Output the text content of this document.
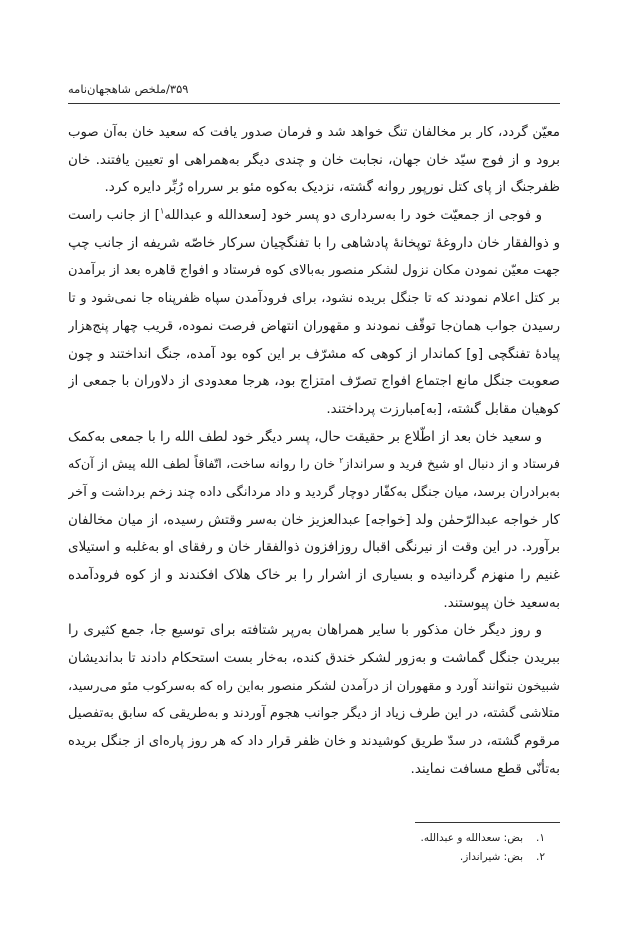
۳۵۹/ملخص شاهجهان‌نامه
معیّن گردد، کار بر مخالفان تنگ خواهد شد و فرمان صدور یافت که سعید خان به‌آن صوب
برود و از فوج سیّد خان جهان، نجابت خان و چندی دیگر به‌همراهی او تعیین یافتند. خان
ظفرجنگ از پای کتل نورپور روانه گشته، نزدیک به‌کوه مئو بر سرراه رُبِّر دایره کرد.
و فوجی از جمعیّت خود را به‌سرداری دو پسر خود [سعدالله و عبدالله$^۱$] از جانب راست
و ذوالفقار خان داروغهٔ توپخانهٔ پادشاهی را با تفنگچیان سرکار خاصّه شریفه از جانب چپ
جهت معیّن نمودن مکان نزول لشکر منصور به‌بالای کوه فرستاد و افواج قاهره بعد از برآمدن
بر کتل اعلام نمودند که تا جنگل بریده نشود، برای فرودآمدن سپاه ظفرپناه جا نمی‌شود و تا
رسیدن جواب همان‌جا توقّف نمودند و مقهوران انتهاض فرصت نموده، قریب چهار پنج‌هزار
پیادهٔ تفنگچی [و] کماندار از کوهی که مشرّف بر این کوه بود آمده، جنگ انداختند و چون
صعوبت جنگل مانع اجتماع افواج تصرّف امتزاج بود، هرجا معدودی از دلاوران با جمعی از
کوهیان مقابل گشته، [به]مبارزت پرداختند.
و سعید خان بعد از اطّلاع بر حقیقت حال، پسر دیگر خود لطف الله را با جمعی به‌کمک
فرستاد و از دنبال او شیخ فرید و سرانداز$^۲$ خان را روانه ساخت، اتّفاقاً لطف الله پیش از آن‌که
به‌برادران برسد، میان جنگل به‌کفّار دوچار گردید و داد مردانگی داده چند زخم برداشت و آخر
کار خواجه عبدالرّحمٰن ولد [خواجه] عبدالعزیز خان به‌سر وقتش رسیده، از میان مخالفان
برآورد. در این وقت از نیرنگی اقبال روزافزون ذوالفقار خان و رفقای او به‌غلبه و استیلای
غنیم را منهزم گردانیده و بسیاری از اشرار را بر خاک هلاک افکندند و از کوه فرودآمده
به‌سعید خان پیوستند.
و روز دیگر خان مذکور با سایر همراهان به‌رپر شتافته برای توسیع جا، جمع کثیری را
ببریدن جنگل گماشت و به‌زور لشکر خندق کنده، به‌خار بست استحکام دادند تا بداندیشان
شبیخون نتوانند آورد و مقهوران از درآمدن لشکر منصور به‌این راه که به‌سرکوب مئو می‌رسید،
متلاشی گشته، در این طرف زیاد از دیگر جوانب هجوم آوردند و به‌طریقی که سابق به‌تفصیل
مرقوم گشته، در سدّ طریق کوشیدند و خان ظفر قرار داد که هر روز پاره‌ای از جنگل بریده
به‌تأنّی قطع مسافت نمایند.
۱.بض: سعدالله و عبدالله.
۲.بض: شیرانداز.
